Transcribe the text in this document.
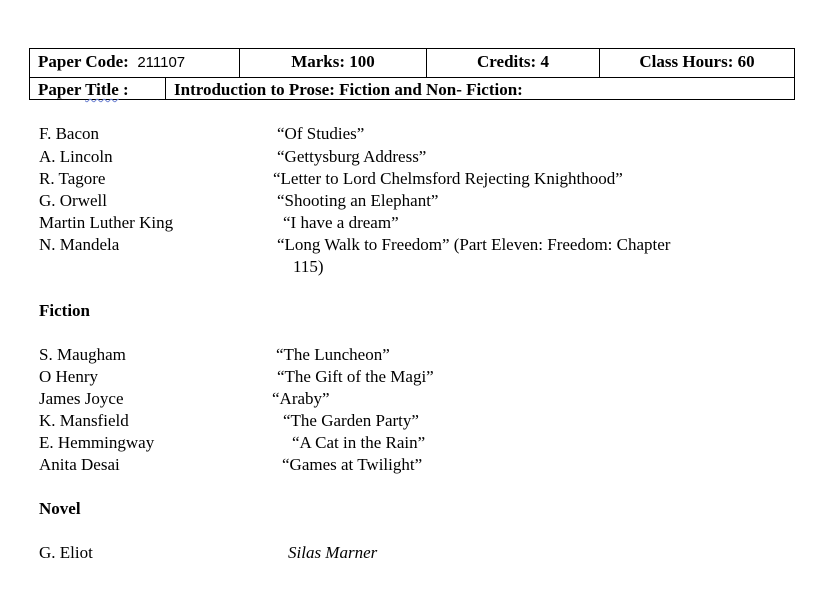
Paper Code: 211107	Marks: 100	Credits: 4	Class Hours: 60
Paper Title :	Introduction to Prose: Fiction and Non- Fiction:
F. Bacon	“Of Studies”
A. Lincoln	“Gettysburg Address”
R. Tagore	“Letter to Lord Chelmsford Rejecting Knighthood”
G. Orwell	“Shooting an Elephant”
Martin Luther King	“I have a dream”
N. Mandela	“Long Walk to Freedom” (Part Eleven: Freedom: Chapter
115)
Fiction
S. Maugham	“The Luncheon”
O Henry	“The Gift of the Magi”
James Joyce	“Araby”
K. Mansfield	“The Garden Party”
E. Hemmingway	“A Cat in the Rain”
Anita Desai	“Games at Twilight”
Novel
G. Eliot	Silas Marner
